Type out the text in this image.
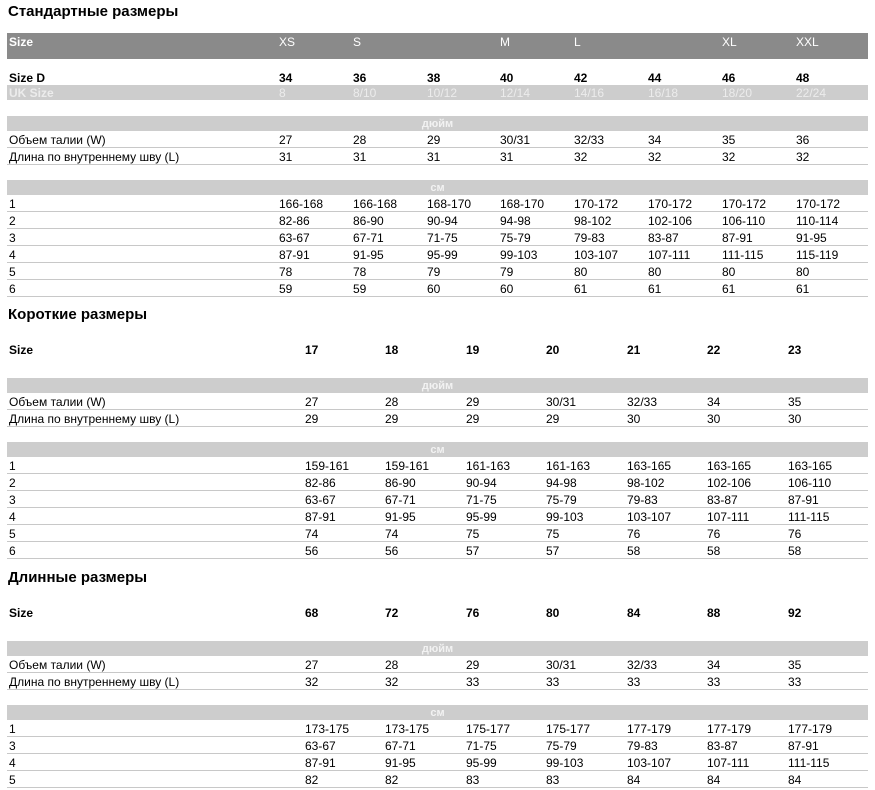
Стандартные размеры
Size	XS	S		M	L		XL	XXL
Size D	34	36	38	40	42	44	46	48
UK Size	8	8/10	10/12	12/14	14/16	16/18	18/20	22/24
дюйм								
Объем талии (W)	27	28	29	30/31	32/33	34	35	36
Длина по внутреннему шву (L)	31	31	31	31	32	32	32	32
см								
1	166-168	166-168	168-170	168-170	170-172	170-172	170-172	170-172
2	82-86	86-90	90-94	94-98	98-102	102-106	106-110	110-114
3	63-67	67-71	71-75	75-79	79-83	83-87	87-91	91-95
4	87-91	91-95	95-99	99-103	103-107	107-111	111-115	115-119
5	78	78	79	79	80	80	80	80
6	59	59	60	60	61	61	61	61
Короткие размеры
Size	17	18	19	20	21	22	23
дюйм							
Объем талии (W)	27	28	29	30/31	32/33	34	35
Длина по внутреннему шву (L)	29	29	29	29	30	30	30
см							
1	159-161	159-161	161-163	161-163	163-165	163-165	163-165
2	82-86	86-90	90-94	94-98	98-102	102-106	106-110
3	63-67	67-71	71-75	75-79	79-83	83-87	87-91
4	87-91	91-95	95-99	99-103	103-107	107-111	111-115
5	74	74	75	75	76	76	76
6	56	56	57	57	58	58	58
Длинные размеры
Size	68	72	76	80	84	88	92
дюйм							
Объем талии (W)	27	28	29	30/31	32/33	34	35
Длина по внутреннему шву (L)	32	32	33	33	33	33	33
см							
1	173-175	173-175	175-177	175-177	177-179	177-179	177-179
3	63-67	67-71	71-75	75-79	79-83	83-87	87-91
4	87-91	91-95	95-99	99-103	103-107	107-111	111-115
5	82	82	83	83	84	84	84
